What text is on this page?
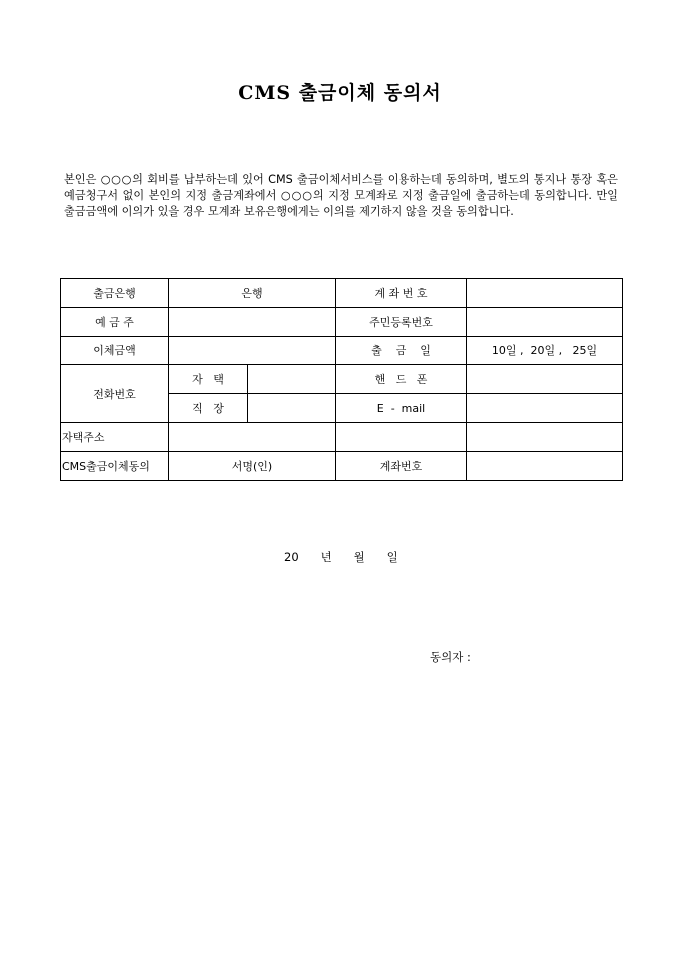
CMS 출금이체 동의서
본인은 ○○○의 회비를 납부하는데 있어 CMS 출금이체서비스를 이용하는데 동의하며, 별도의 통지나 통장 혹은 예금청구서 없이 본인의 지정 출금계좌에서 ○○○의 지정 모계좌로 지정 출금일에 출금하는데 동의합니다. 만일 출금금액에 이의가 있을 경우 모계좌 보유은행에게는 이의를 제기하지 않을 것을 동의합니다.
출금은행	은행		계 좌 번 호	
예 금 주			주민등록번호	
이체금액			출    금    일	10일 ,  20일 ,   25일
전화번호	자   택		핸   드   폰	
	직   장		E  -  mail	
자택주소				
CMS출금이체동의	서명(인)		계좌번호	
20      년      월      일
동의자 :
